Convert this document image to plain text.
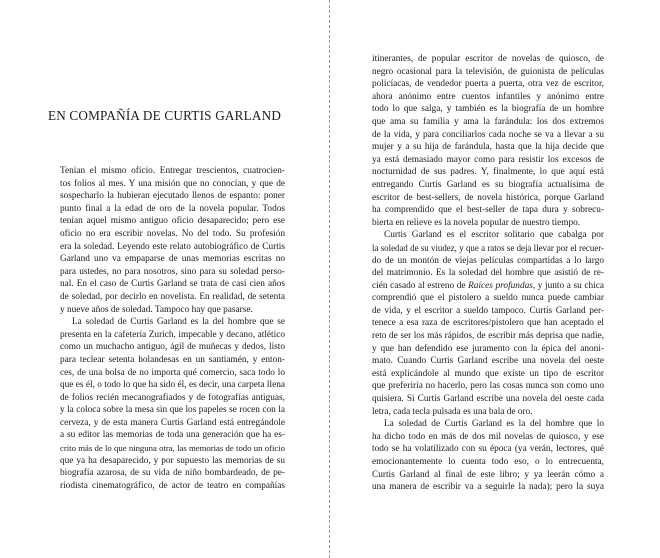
EN COMPAÑÍA DE CURTIS GARLAND
Tenían el mismo oficio. Entregar trescientos, cuatrocien-
tos folios al mes. Y una misión que no conocían, y que de
sospecharlo la hubieran ejecutado llenos de espanto: poner
punto final a la edad de oro de la novela popular. Todos
tenían aquel mismo antiguo oficio desaparecido; pero ese
oficio no era escribir novelas. No del todo. Su profesión
era la soledad. Leyendo este relato autobiográfico de Curtis
Garland uno va empaparse de unas memorias escritas no
para ustedes, no para nosotros, sino para su soledad perso-
nal. En el caso de Curtis Garland se trata de casi cien años
de soledad, por decirlo en novelista. En realidad, de setenta
y nueve años de soledad. Tampoco hay que pasarse.
La soledad de Curtis Garland es la del hombre que se
presenta en la cafetería Zurich, impecable y decano, atlético
como un muchacho antiguo, ágil de muñecas y dedos, listo
para teclear setenta holandesas en un santiamén, y enton-
ces, de una bolsa de no importa qué comercio, saca todo lo
que es él, o todo lo que ha sido él, es decir, una carpeta llena
de folios recién mecanografiados y de fotografías antiguas,
y la coloca sobre la mesa sin que los papeles se rocen con la
cerveza, y de esta manera Curtis Garland está entregándole
a su editor las memorias de toda una generación que ha es-
crito más de lo que ninguna otra, las memorias de todo un oficio
que ya ha desaparecido, y por supuesto las memorias de su
biografía azarosa, de su vida de niño bombardeado, de pe-
riodista cinematográfico, de actor de teatro en compañías
itinerantes, de popular escritor de novelas de quiosco, de
negro ocasional para la televisión, de guionista de películas
policíacas, de vendedor puerta a puerta, otra vez de escritor,
ahora anónimo entre cuentos infantiles y anónimo entre
todo lo que salga, y también es la biografía de un hombre
que ama su familia y ama la farándula: los dos extremos
de la vida, y para conciliarlos cada noche se va a llevar a su
mujer y a su hija de farándula, hasta que la hija decide que
ya está demasiado mayor como para resistir los excesos de
nocturnidad de sus padres. Y, finalmente, lo que aquí está
entregando Curtis Garland es su biografía actualísima de
escritor de best-sellers, de novela histórica, porque Garland
ha comprendido que el best-seller de tapa dura y sobrecu-
bierta en relieve es la novela popular de nuestro tiempo.
Curtis Garland es el escritor solitario que cabalga por
la soledad de su viudez, y que a ratos se deja llevar por el recuer-
do de un montón de viejas películas compartidas a lo largo
del matrimonio. Es la soledad del hombre que asistió de re-
cién casado al estreno de Raíces profundas, y junto a su chica
comprendió que el pistolero a sueldo nunca puede cambiar
de vida, y el escritor a sueldo tampoco. Curtis Garland per-
tenece a esa raza de escritores/pistolero que han aceptado el
reto de ser los más rápidos, de escribir más deprisa que nadie,
y que han defendido ese juramento con la épica del anoni-
mato. Cuando Curtis Garland escribe una novela del oeste
está explicándole al mundo que existe un tipo de escritor
que preferiría no hacerlo, pero las cosas nunca son como uno
quisiera. Si Curtis Garland escribe una novela del oeste cada
letra, cada tecla pulsada es una bala de oro.
La soledad de Curtis Garland es la del hombre que lo
ha dicho todo en más de dos mil novelas de quiosco, y ese
todo se ha volatilizado con su época (ya verán, lectores, qué
emocionantemente lo cuenta todo eso, o lo entrecuenta,
Curtis Garland al final de este libro; y ya leerán cómo a
una manera de escribir va a seguirle la nada); pero la suya
